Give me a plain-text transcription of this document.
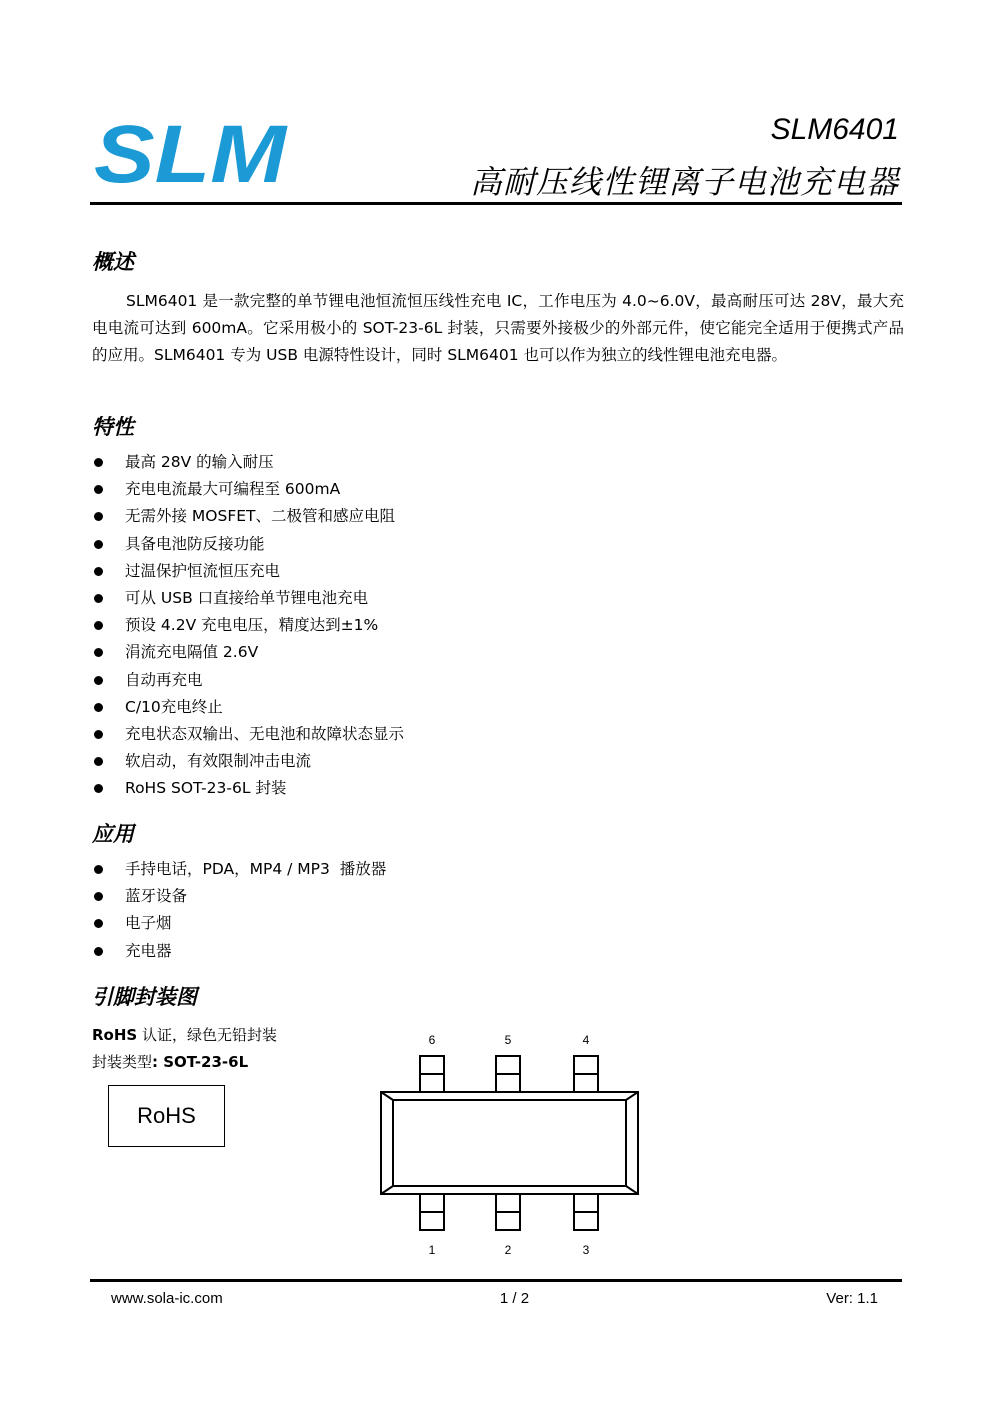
SLM	SLM6401
高耐压线性锂离子电池充电器
概述
SLM6401 是一款完整的单节锂电池恒流恒压线性充电 IC，工作电压为 4.0~6.0V，最高耐压可达 28V，最大充电电流可达到 600mA。它采用极小的 SOT-23-6L 封装，只需要外接极少的外部元件，使它能完全适用于便携式产品的应用。SLM6401 专为 USB 电源特性设计，同时 SLM6401 也可以作为独立的线性锂电池充电器。
特性
最高 28V 的输入耐压
充电电流最大可编程至 600mA
无需外接 MOSFET、二极管和感应电阻
具备电池防反接功能
过温保护恒流恒压充电
可从 USB 口直接给单节锂电池充电
预设 4.2V 充电电压，精度达到±1%
涓流充电隔值 2.6V
自动再充电
C/10充电终止
充电状态双输出、无电池和故障状态显示
软启动，有效限制冲击电流
RoHS SOT-23-6L 封装
应用
手持电话，PDA，MP4 / MP3  播放器
蓝牙设备
电子烟
充电器
引脚封装图
RoHS 认证，绿色无铅封装
封装类型: SOT-23-6L
RoHS
6	5	4
1	2	3
www.sola-ic.com	1 / 2	Ver: 1.1
